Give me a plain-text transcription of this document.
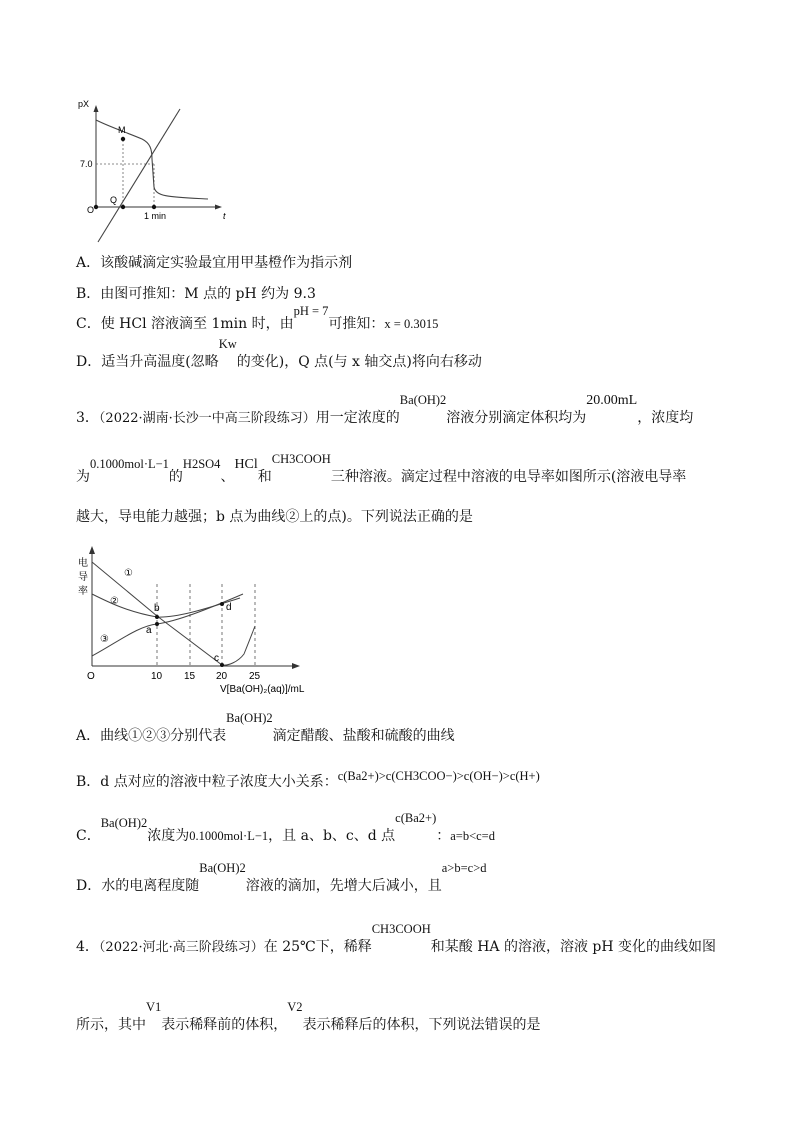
pX
M
7.0
O
Q
1 min	t
A．该酸碱滴定实验最宜用甲基橙作为指示剂
B．由图可推知：M 点的 pH 约为 9.3
C．使 HCl 溶液滴至 1min 时，由pH = 7可推知：x = 0.3015
D．适当升高温度(忽略Kw的变化)，Q 点(与 x 轴交点)将向右移动
3．（2022·湖南·长沙一中高三阶段练习）用一定浓度的Ba(OH)2溶液分别滴定体积均为20.00mL，浓度均
为0.1000mol·L−1的H2SO4、HCl和CH3COOH三种溶液。滴定过程中溶液的电导率如图所示(溶液电导率
越大，导电能力越强；b 点为曲线②上的点)。下列说法正确的是
电
导
率
①
②
③
a
b
c
d
O	10 15 20 25
V[Ba(OH)₂(aq)]/mL
A．曲线①②③分别代表Ba(OH)2滴定醋酸、盐酸和硫酸的曲线
B．d 点对应的溶液中粒子浓度大小关系：c(Ba2+)>c(CH3COO−)>c(OH−)>c(H+)
C．Ba(OH)2浓度为0.1000mol·L−1，且 a、b、c、d 点c(Ba2+)：a=b<c=d
D．水的电离程度随Ba(OH)2溶液的滴加，先增大后减小，且a>b=c>d
4．（2022·河北·高三阶段练习）在 25℃下，稀释CH3COOH和某酸 HA 的溶液，溶液 pH 变化的曲线如图
所示，其中V1表示稀释前的体积，V2表示稀释后的体积，下列说法错误的是
